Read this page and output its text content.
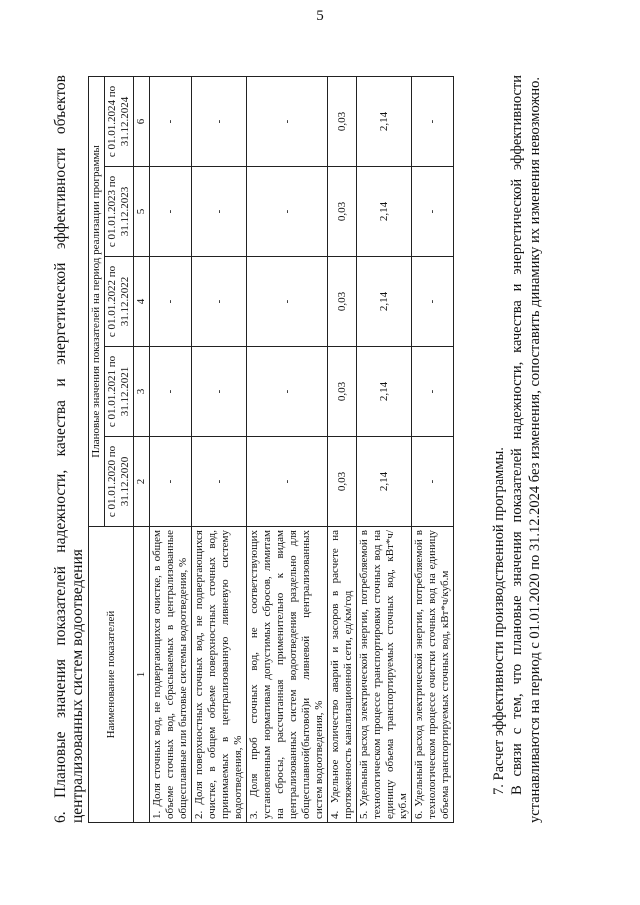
5
6. Плановые значения показателей надежности, качества и энергетической эффективности объектов централизованных систем водоотведения Наименование показателей	Плановые значения показателей на период реализации программы				
	с 01.01.2020 по 31.12.2020	с 01.01.2021 по 31.12.2021	с 01.01.2022 по 31.12.2022	с 01.01.2023 по 31.12.2023	с 01.01.2024 по 31.12.2024
1	2	3	4	5	6
1. Доля сточных вод, не подвергающихся очистке, в общем объеме сточных вод, сбрасываемых в централизованные общесплавные или бытовые системы водоотведения, %	-	-	-	-	-
2. Доля поверхностных сточных вод, не подвергающихся очистке, в общем объеме поверхностных сточных вод, принимаемых в централизованную ливневую систему водоотведения, %	-	-	-	-	-
3. Доля проб сточных вод, не соответствующих установленным нормативам допустимых сбросов, лимитам на сбросы, рассчитанная применительно к видам централизованных систем водоотведения раздельно для общесплавной(бытовой)и ливневой централизованных систем водоотведения, %	-	-	-	-	-
4. Удельное количество аварий и засоров в расчете на протяженность канализационной сети, ед/км/год	0,03	0,03	0,03	0,03	0,03
5. Удельный расход электрической энергии, потребляемой в технологическом процессе транспортировки сточных вод на единицу объема транспортируемых сточных вод, кВт*ч/куб.м	2,14	2,14	2,14	2,14	2,14
6. Удельный расход электрической энергии, потребляемой в технологическом процессе очистки сточных вод на единицу объема транспортируемых сточных вод, кВт*ч/куб.м	-	-	-	-	-

7. Расчет эффективности производственной программы. В связи с тем, что плановые значения показателей надежности, качества и энергетической эффективности устанавливаются на период с 01.01.2020 по 31.12.2024 без изменения, сопоставить динамику их изменения невозможно.
